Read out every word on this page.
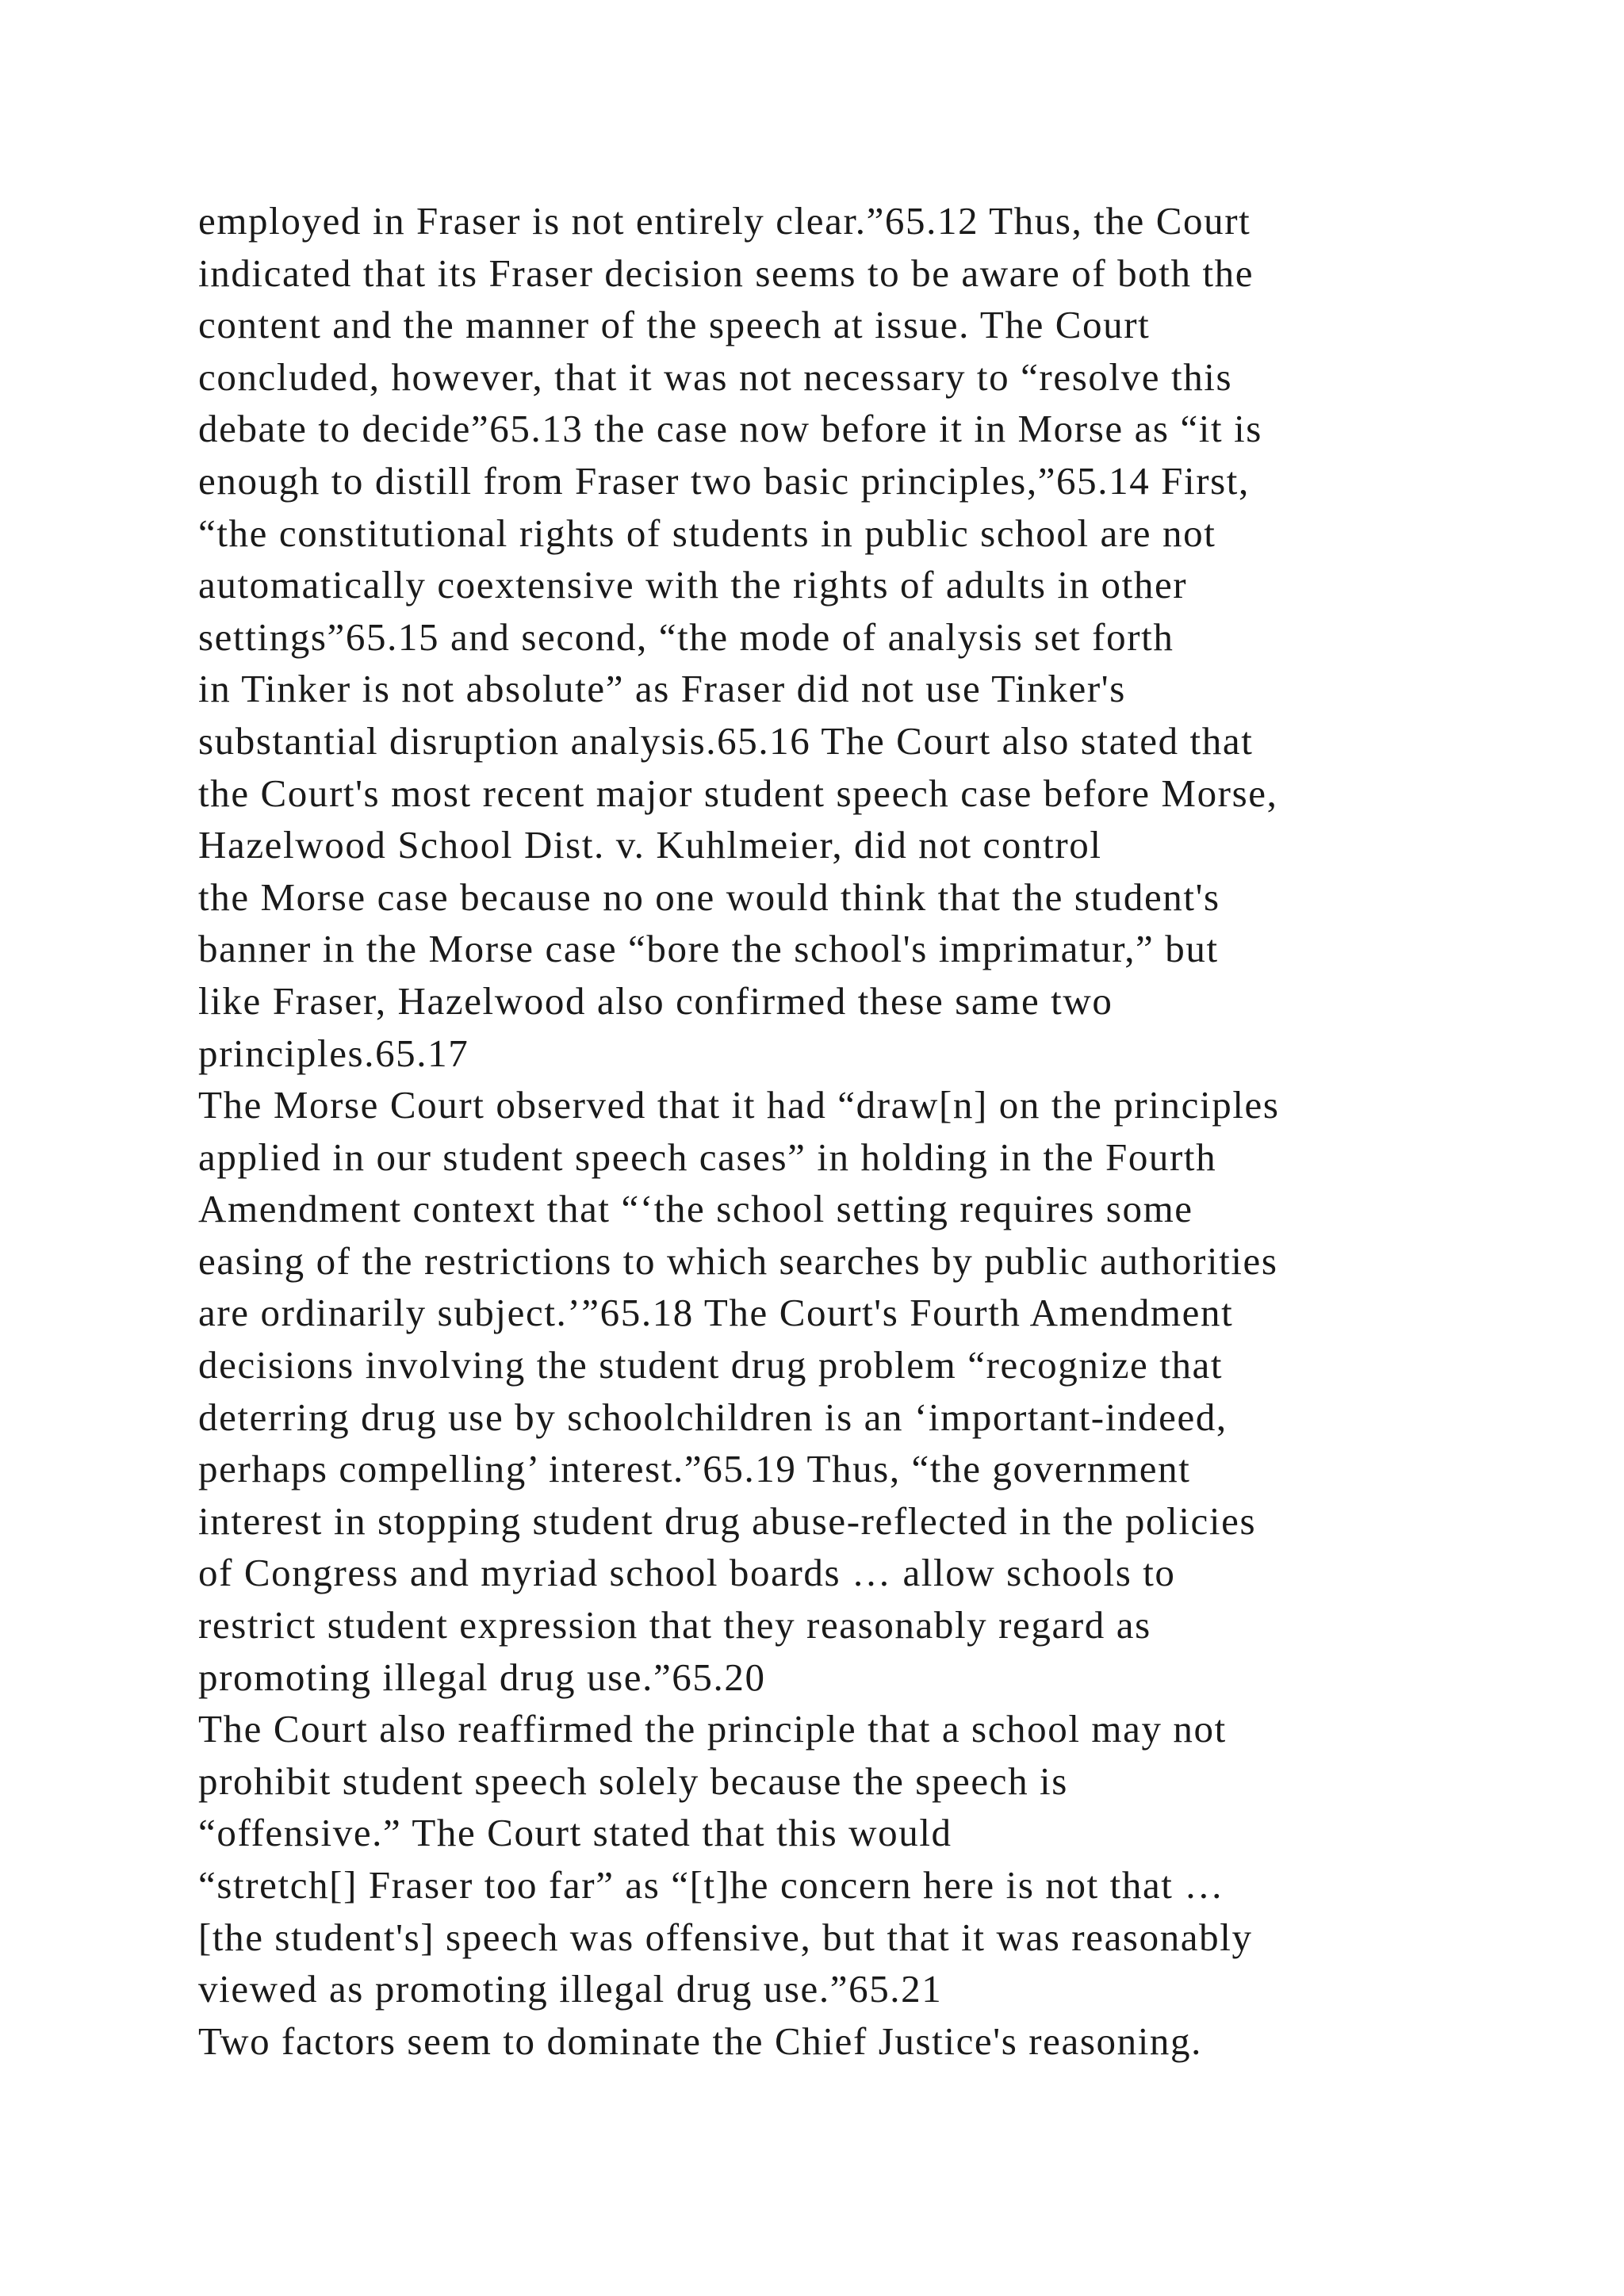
employed in Fraser is not entirely clear.”65.12 Thus, the Court
indicated that its Fraser decision seems to be aware of both the
content and the manner of the speech at issue. The Court
concluded, however, that it was not necessary to “resolve this
debate to decide”65.13 the case now before it in Morse as “it is
enough to distill from Fraser two basic principles,”65.14 First,
“the constitutional rights of students in public school are not
automatically coextensive with the rights of adults in other
settings”65.15 and second, “the mode of analysis set forth
in Tinker is not absolute” as Fraser did not use Tinker's
substantial disruption analysis.65.16 The Court also stated that
the Court's most recent major student speech case before Morse,
Hazelwood School Dist. v. Kuhlmeier, did not control
the Morse case because no one would think that the student's
banner in the Morse case “bore the school's imprimatur,” but
like Fraser, Hazelwood also confirmed these same two
principles.65.17
The Morse Court observed that it had “draw[n] on the principles
applied in our student speech cases” in holding in the Fourth
Amendment context that “‘the school setting requires some
easing of the restrictions to which searches by public authorities
are ordinarily subject.’”65.18 The Court's Fourth Amendment
decisions involving the student drug problem “recognize that
deterring drug use by schoolchildren is an ‘important-indeed,
perhaps compelling’ interest.”65.19 Thus, “the government
interest in stopping student drug abuse-reflected in the policies
of Congress and myriad school boards … allow schools to
restrict student expression that they reasonably regard as
promoting illegal drug use.”65.20
The Court also reaffirmed the principle that a school may not
prohibit student speech solely because the speech is
“offensive.” The Court stated that this would
“stretch[] Fraser too far” as “[t]he concern here is not that …
[the student's] speech was offensive, but that it was reasonably
viewed as promoting illegal drug use.”65.21
Two factors seem to dominate the Chief Justice's reasoning.
